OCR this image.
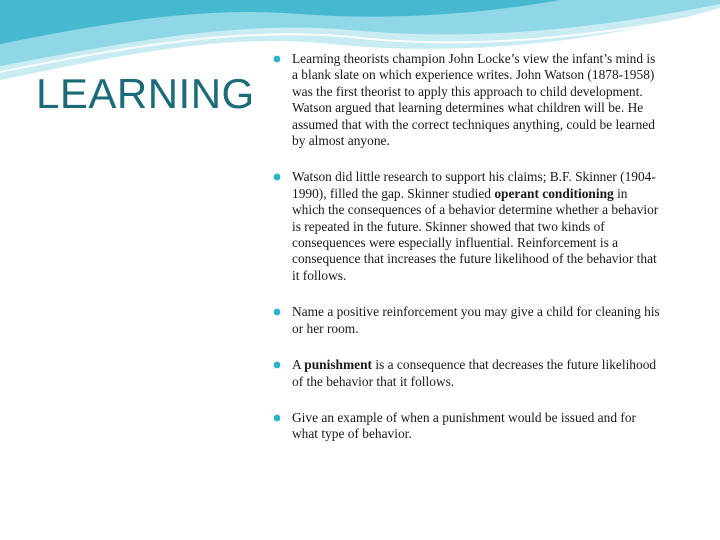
LEARNING
Learning theorists champion John Locke’s view the infant’s mind is a blank slate on which experience writes. John Watson (1878-1958) was the first theorist to apply this approach to child development. Watson argued that learning determines what children will be. He assumed that with the correct techniques anything, could be learned by almost anyone.
Watson did little research to support his claims; B.F. Skinner (1904-1990), filled the gap. Skinner studied operant conditioning in which the consequences of a behavior determine whether a behavior is repeated in the future. Skinner showed that two kinds of consequences were especially influential. Reinforcement is a consequence that increases the future likelihood of the behavior that it follows.
Name a positive reinforcement you may give a child for cleaning his or her room.
A punishment is a consequence that decreases the future likelihood of the behavior that it follows.
Give an example of when a punishment would be issued and for what type of behavior.
